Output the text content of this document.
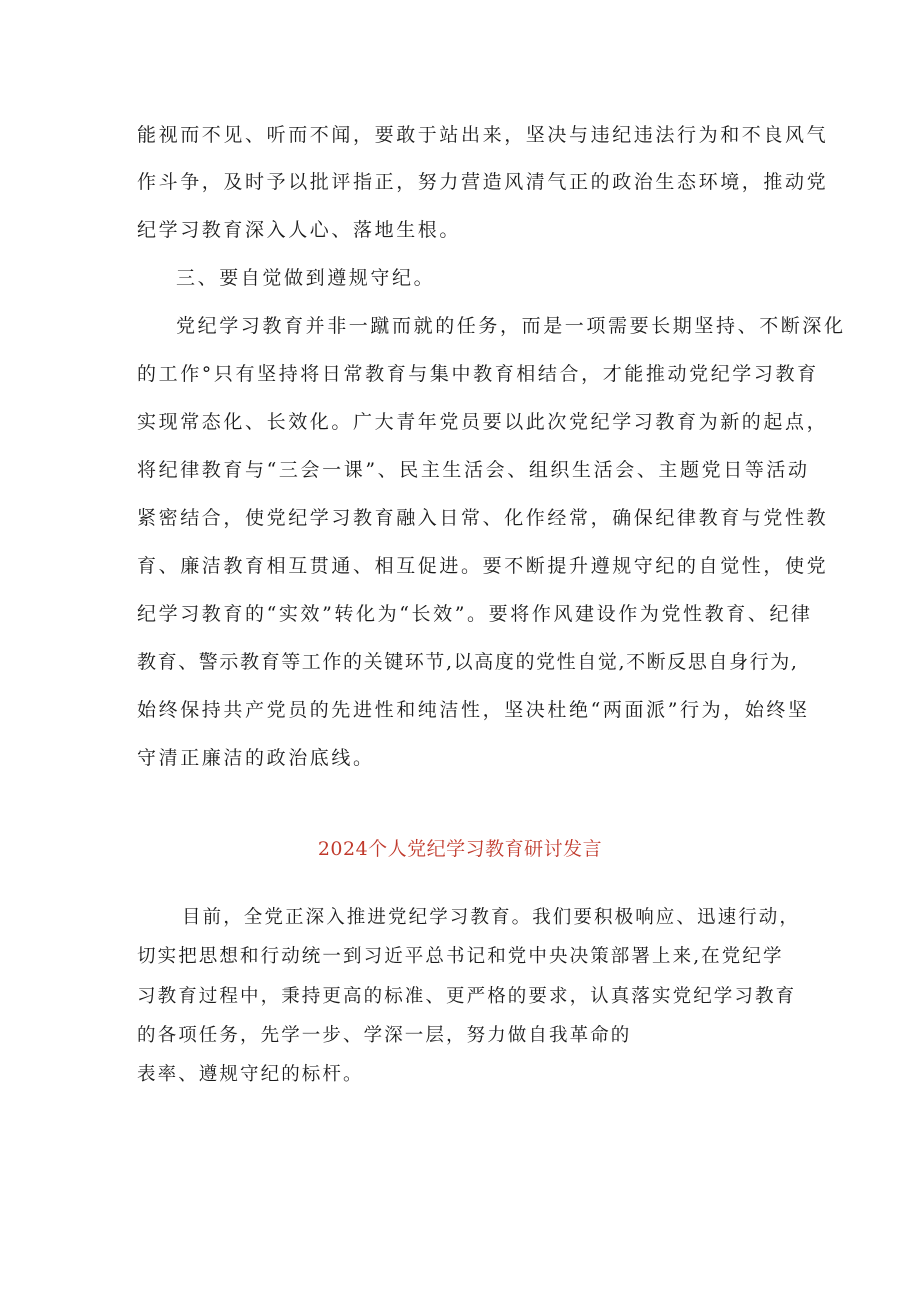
能视而不见、听而不闻，要敢于站出来，坚决与违纪违法行为和不良风气
作斗争，及时予以批评指正，努力营造风清气正的政治生态环境，推动党
纪学习教育深入人心、落地生根。
三、要自觉做到遵规守纪。
党纪学习教育并非一蹴而就的任务，而是一项需要长期坚持、不断深化
的工作°只有坚持将日常教育与集中教育相结合，才能推动党纪学习教育
实现常态化、长效化。广大青年党员要以此次党纪学习教育为新的起点，
将纪律教育与“三会一课”、民主生活会、组织生活会、主题党日等活动
紧密结合，使党纪学习教育融入日常、化作经常，确保纪律教育与党性教
育、廉洁教育相互贯通、相互促进。要不断提升遵规守纪的自觉性，使党
纪学习教育的“实效”转化为“长效”。要将作风建设作为党性教育、纪律
教育、警示教育等工作的关键环节,以高度的党性自觉,不断反思自身行为,
始终保持共产党员的先进性和纯洁性，坚决杜绝“两面派”行为，始终坚
守清正廉洁的政治底线。
2024个人党纪学习教育研讨发言
目前，全党正深入推进党纪学习教育。我们要积极响应、迅速行动，
切实把思想和行动统一到习近平总书记和党中央决策部署上来,在党纪学
习教育过程中，秉持更高的标准、更严格的要求，认真落实党纪学习教育
的各项任务，先学一步、学深一层，努力做自我革命的
表率、遵规守纪的标杆。
